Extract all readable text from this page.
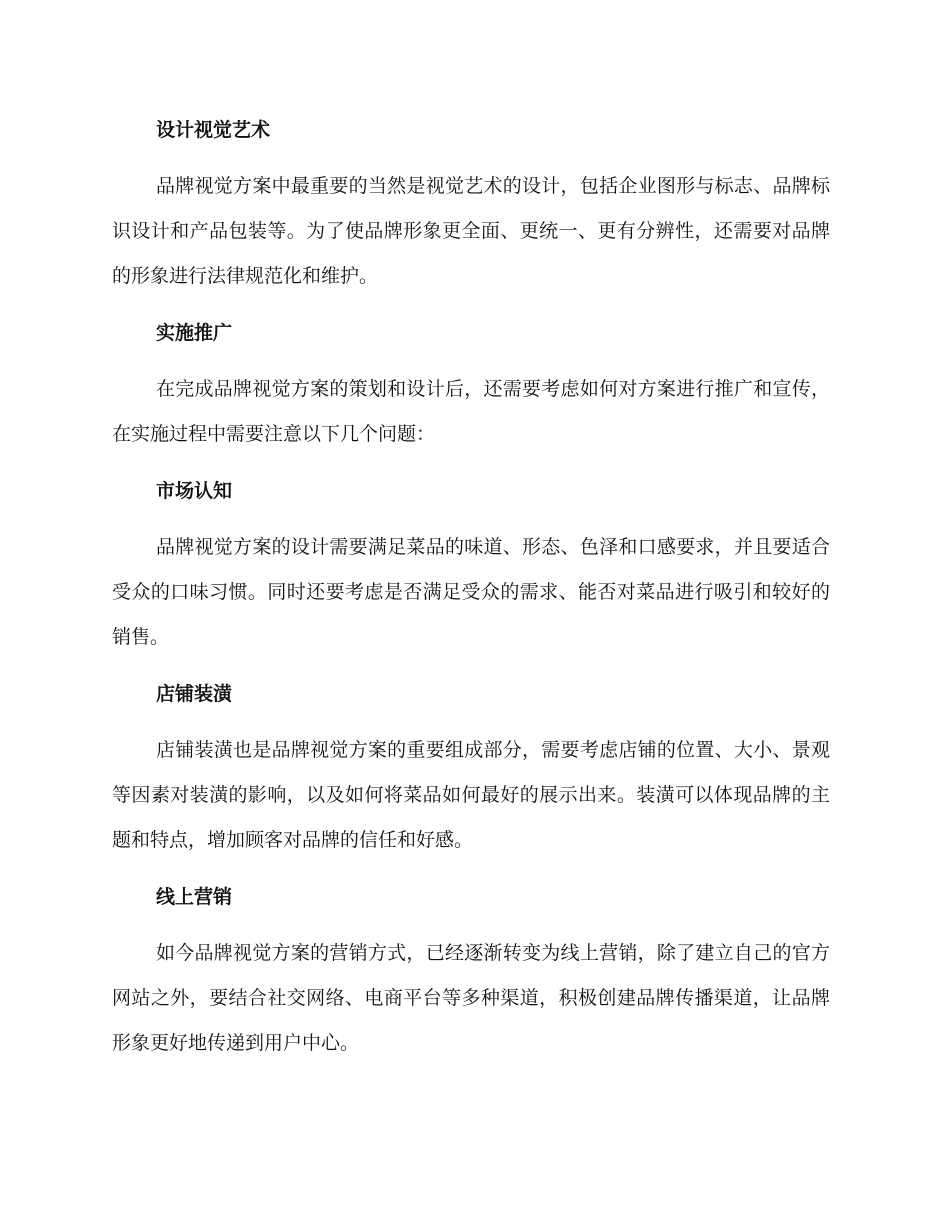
设计视觉艺术

品牌视觉方案中最重要的当然是视觉艺术的设计，包括企业图形与标志、品牌标识设计和产品包装等。为了使品牌形象更全面、更统一、更有分辨性，还需要对品牌的形象进行法律规范化和维护。

实施推广

在完成品牌视觉方案的策划和设计后，还需要考虑如何对方案进行推广和宣传，在实施过程中需要注意以下几个问题：

市场认知

品牌视觉方案的设计需要满足菜品的味道、形态、色泽和口感要求，并且要适合受众的口味习惯。同时还要考虑是否满足受众的需求、能否对菜品进行吸引和较好的销售。

店铺装潢

店铺装潢也是品牌视觉方案的重要组成部分，需要考虑店铺的位置、大小、景观等因素对装潢的影响，以及如何将菜品如何最好的展示出来。装潢可以体现品牌的主题和特点，增加顾客对品牌的信任和好感。

线上营销

如今品牌视觉方案的营销方式，已经逐渐转变为线上营销，除了建立自己的官方网站之外，要结合社交网络、电商平台等多种渠道，积极创建品牌传播渠道，让品牌形象更好地传递到用户中心。
